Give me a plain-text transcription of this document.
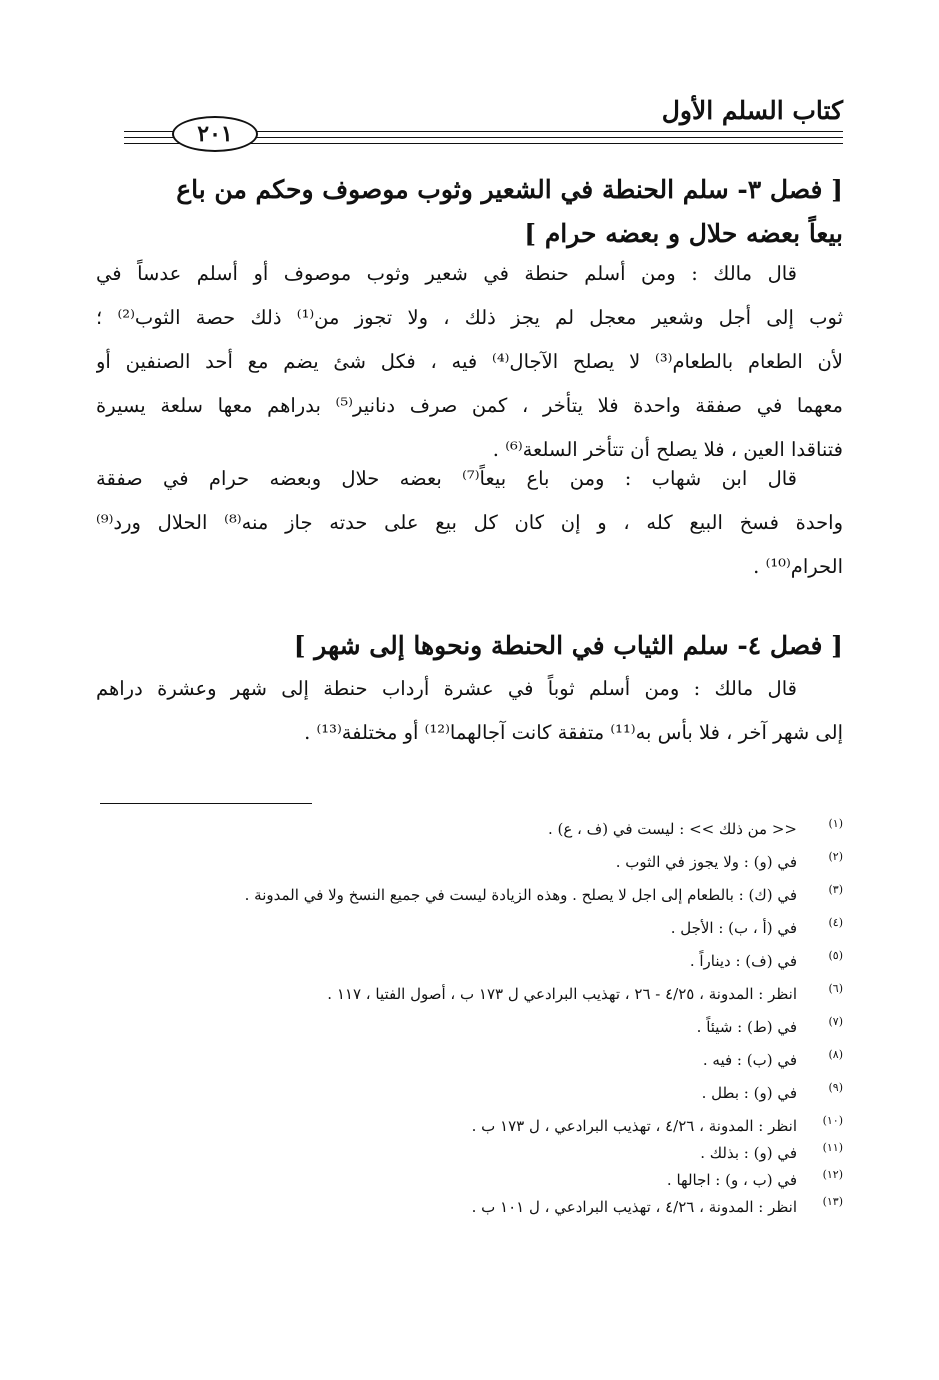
كتاب السلم الأول
٢٠١
[ فصل ٣- سلم الحنطة في الشعير وثوب موصوف وحكم من باع
بيعاً بعضه حلال و بعضه حرام ]
قال مالك : ومن أسلم حنطة في شعير وثوب موصوف أو أسلم عدساً في
ثوب إلى أجل وشعير معجل لم يجز ذلك ، ولا تجوز من⁽¹⁾ ذلك حصة الثوب⁽²⁾ ؛
لأن الطعام بالطعام⁽³⁾ لا يصلح الآجال⁽⁴⁾ فيه ، فكل شئ يضم مع أحد الصنفين أو
معهما في صفقة واحدة فلا يتأخر ، كمن صرف دنانير⁽⁵⁾ بدراهم معها سلعة يسيرة
فتناقدا العين ، فلا يصلح أن تتأخر السلعة⁽⁶⁾ .
قال ابن شهاب : ومن باع بيعاً⁽⁷⁾ بعضه حلال وبعضه حرام في صفقة
واحدة فسخ البيع كله ، و إن كان كل بيع على حدته جاز منه⁽⁸⁾ الحلال ورد⁽⁹⁾
الحرام⁽¹⁰⁾ .
[ فصل ٤- سلم الثياب في الحنطة ونحوها إلى شهر ]
قال مالك : ومن أسلم ثوباً في عشرة أرداب حنطة إلى شهر وعشرة دراهم
إلى شهر آخر ، فلا بأس به⁽¹¹⁾ متفقة كانت آجالهما⁽¹²⁾ أو مختلفة⁽¹³⁾ .
(١)
<< من ذلك >> : ليست في (ف ، ع) .
(٢)
في (و) : ولا يجوز في الثوب .
(٣)
في (ك) : بالطعام إلى اجل لا يصلح . وهذه الزيادة ليست في جميع النسخ ولا في المدونة .
(٤)
في (أ ، ب) : الأجل .
(٥)
في (ف) : ديناراً .
(٦)
انظر : المدونة ، ٤/٢٥ - ٢٦ ، تهذيب البرادعي ل ١٧٣ ب ، أصول الفتيا ، ١١٧ .
(٧)
في (ط) : شيئاً .
(٨)
في (ب) : فيه .
(٩)
في (و) : بطل .
(١٠)
انظر : المدونة ، ٤/٢٦ ، تهذيب البرادعي ، ل ١٧٣ ب .
(١١)
في (و) : بذلك .
(١٢)
في (ب ، و) : اجالها .
(١٣)
انظر : المدونة ، ٤/٢٦ ، تهذيب البرادعي ، ل ١٠١ ب .
